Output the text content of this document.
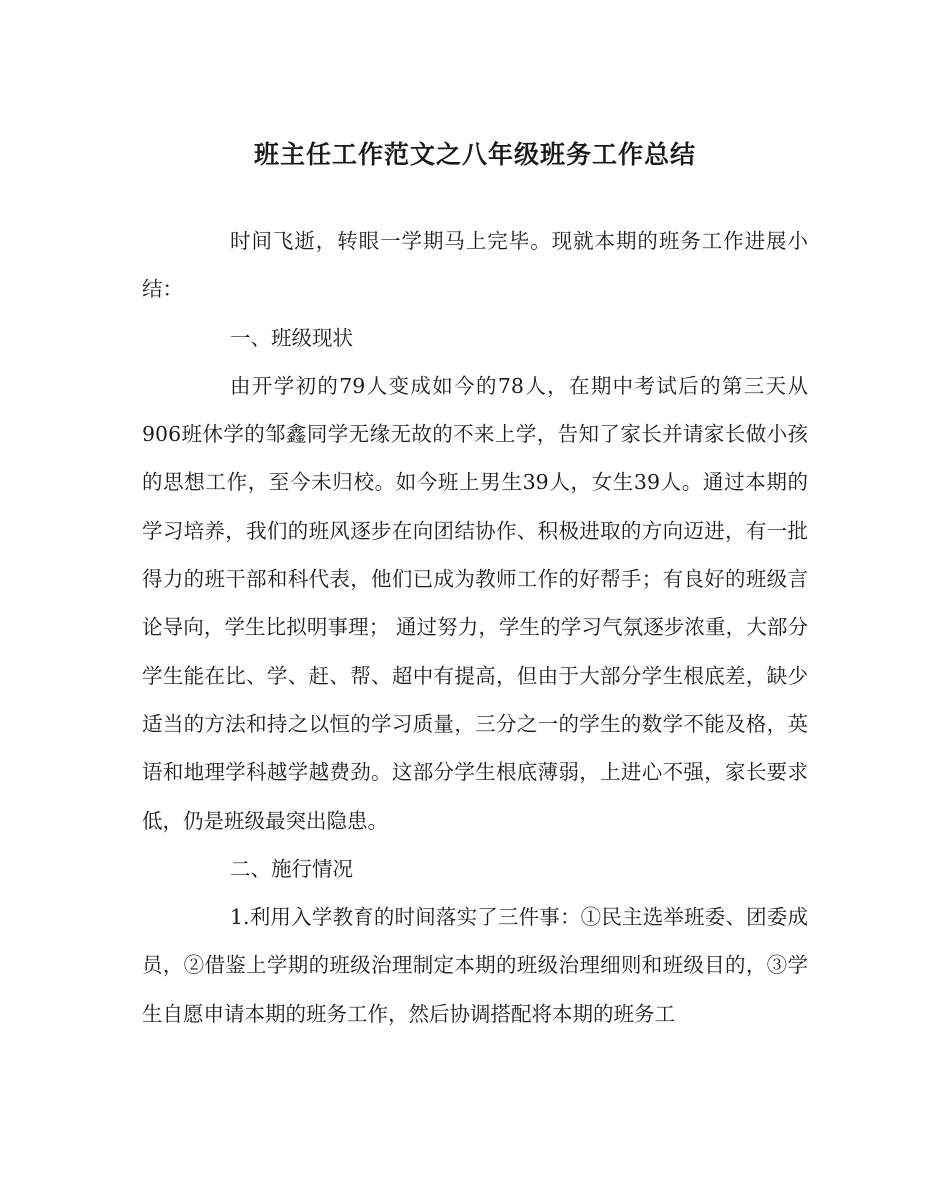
班主任工作范文之八年级班务工作总结

时间飞逝，转眼一学期马上完毕。现就本期的班务工作进展小结：

一、班级现状

由开学初的79人变成如今的78人，在期中考试后的第三天从906班休学的邹鑫同学无缘无故的不来上学，告知了家长并请家长做小孩的思想工作，至今未归校。如今班上男生39人，女生39人。通过本期的学习培养，我们的班风逐步在向团结协作、积极进取的方向迈进，有一批得力的班干部和科代表，他们已成为教师工作的好帮手；有良好的班级言论导向，学生比拟明事理； 通过努力，学生的学习气氛逐步浓重，大部分学生能在比、学、赶、帮、超中有提高，但由于大部分学生根底差，缺少适当的方法和持之以恒的学习质量，三分之一的学生的数学不能及格，英语和地理学科越学越费劲。这部分学生根底薄弱，上进心不强，家长要求低，仍是班级最突出隐患。

二、施行情况

1.利用入学教育的时间落实了三件事：①民主选举班委、团委成员，②借鉴上学期的班级治理制定本期的班级治理细则和班级目的，③学生自愿申请本期的班务工作，然后协调搭配将本期的班务工
